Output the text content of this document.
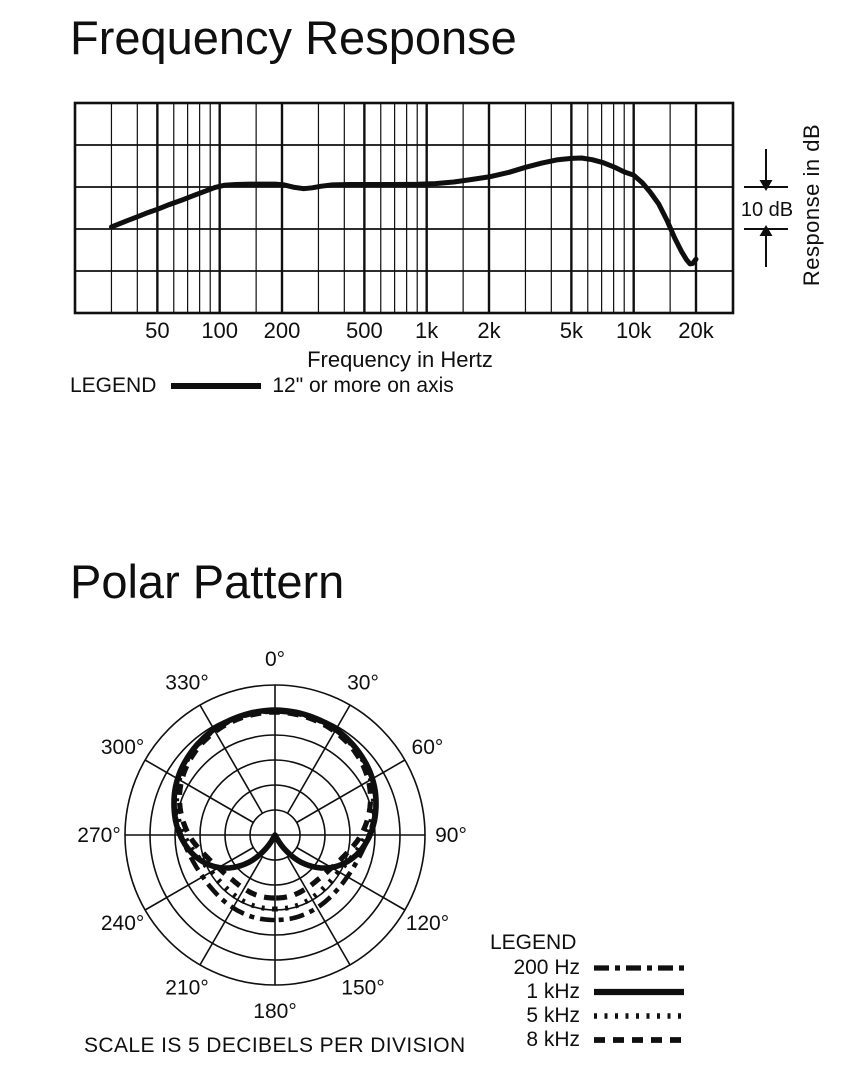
50 100 200 500 1k 2k	5k 10k 20k
0°
30°
60°
90°
120°
150°
180°
210°
240°
270°
300°
330°
Frequency Response
Frequency in Hertz
LEGEND	12" or more on axis
10 dB Response in dB
Polar Pattern
SCALE IS 5 DECIBELS PER DIVISION
LEGEND
200 Hz
1 kHz
5 kHz
8 kHz
